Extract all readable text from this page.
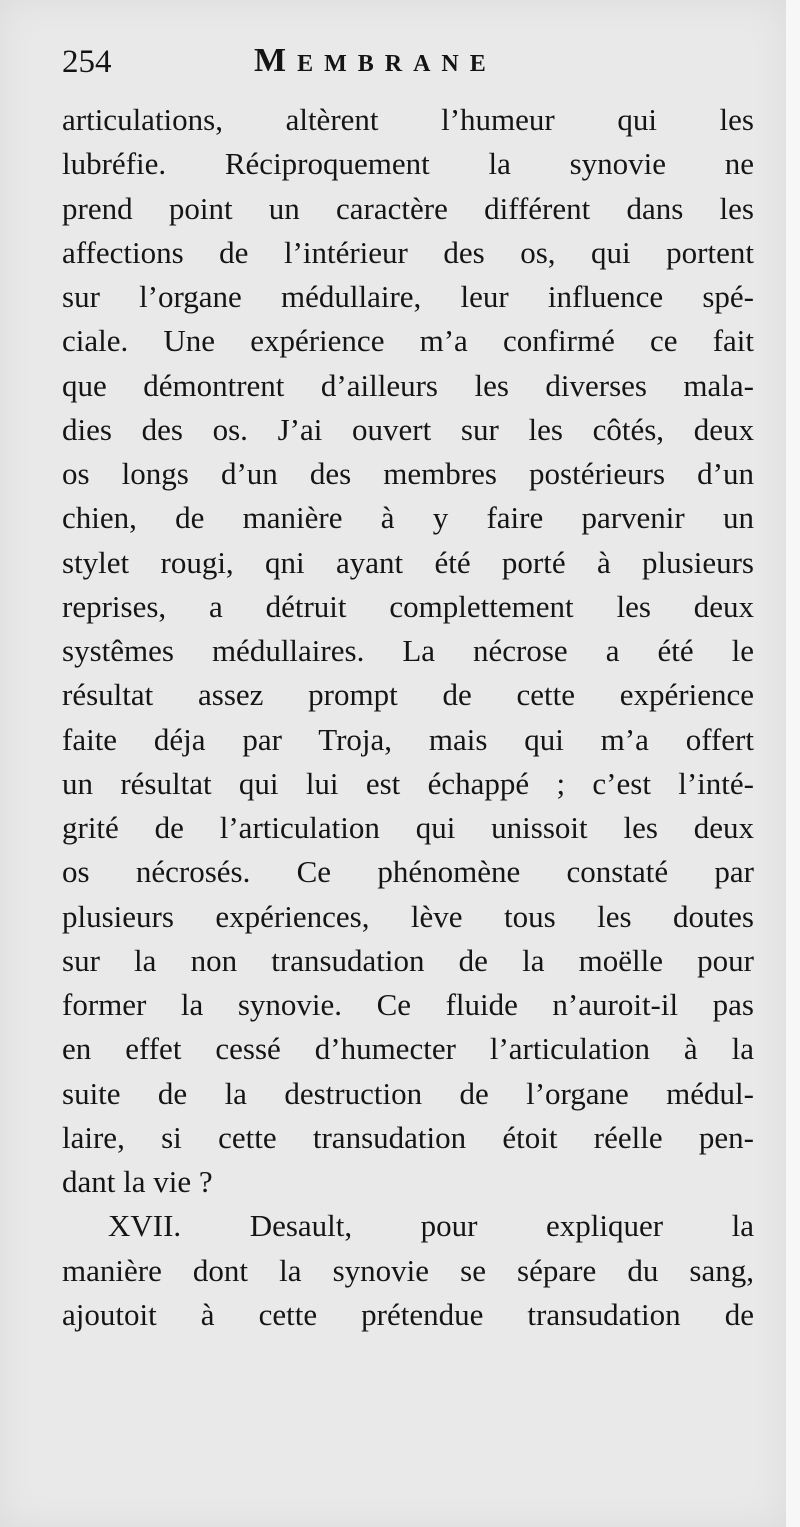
254	Membrane
articulations, altèrent l’humeur qui les
lubréfie. Réciproquement la synovie ne
prend point un caractère différent dans les
affections de l’intérieur des os, qui portent
sur l’organe médullaire, leur influence spé-
ciale. Une expérience m’a confirmé ce fait
que démontrent d’ailleurs les diverses mala-
dies des os. J’ai ouvert sur les côtés, deux
os longs d’un des membres postérieurs d’un
chien, de manière à y faire parvenir un
stylet rougi, qni ayant été porté à plusieurs
reprises, a détruit complettement les deux
systêmes médullaires. La nécrose a été le
résultat assez prompt de cette expérience
faite déja par Troja, mais qui m’a offert
un résultat qui lui est échappé ; c’est l’inté-
grité de l’articulation qui unissoit les deux
os nécrosés. Ce phénomène constaté par
plusieurs expériences, lève tous les doutes
sur la non transudation de la moëlle pour
former la synovie. Ce fluide n’auroit-il pas
en effet cessé d’humecter l’articulation à la
suite de la destruction de l’organe médul-
laire, si cette transudation étoit réelle pen-
dant la vie ?
XVII. Desault, pour expliquer la
manière dont la synovie se sépare du sang,
ajoutoit à cette prétendue transudation de
